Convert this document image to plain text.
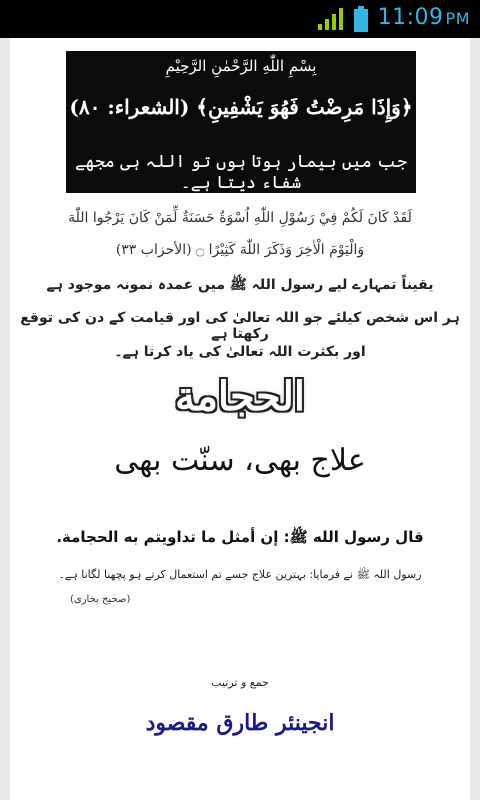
11:09 PM
بِسْمِ اللّٰهِ الرَّحْمٰنِ الرَّحِيْمِ
﴿وَإِذَا مَرِضْتُ فَهُوَ يَشْفِينِ﴾ (الشعراء: ٨٠)
جب میں بیمار ہوتا ہوں تو اللہ ہی مجھے شفاء دیتا ہے۔
لَقَدْ كَانَ لَكُمْ فِيْ رَسُوْلِ اللّٰهِ اُسْوَةٌ حَسَنَةٌ لِّمَنْ كَانَ يَرْجُوا اللّٰهَ
وَالْيَوْمَ الْاٰخِرَ وَذَكَرَ اللّٰهَ كَثِيْرًا ۝ (الأحزاب ٣٣)
یقیناً تمہارے لیے رسول اللہ ﷺ میں عمدہ نمونہ موجود ہے
ہر اس شخص کیلئے جو اللہ تعالیٰ کی اور قیامت کے دن کی توقع رکھتا ہے
اور بکثرت اللہ تعالیٰ کی یاد کرتا ہے۔
الحجامة
علاج بھی، سنّت بھی
قال رسول الله ﷺ: إن أمثل ما تداويتم به الحجامة.
رسول اللہ ﷺ نے فرمایا: بہترین علاج جسے تم استعمال کرتے ہو پچھنا لگانا ہے۔
(صحیح بخاری)
جمع و ترتیب
انجینئر طارق مقصود
